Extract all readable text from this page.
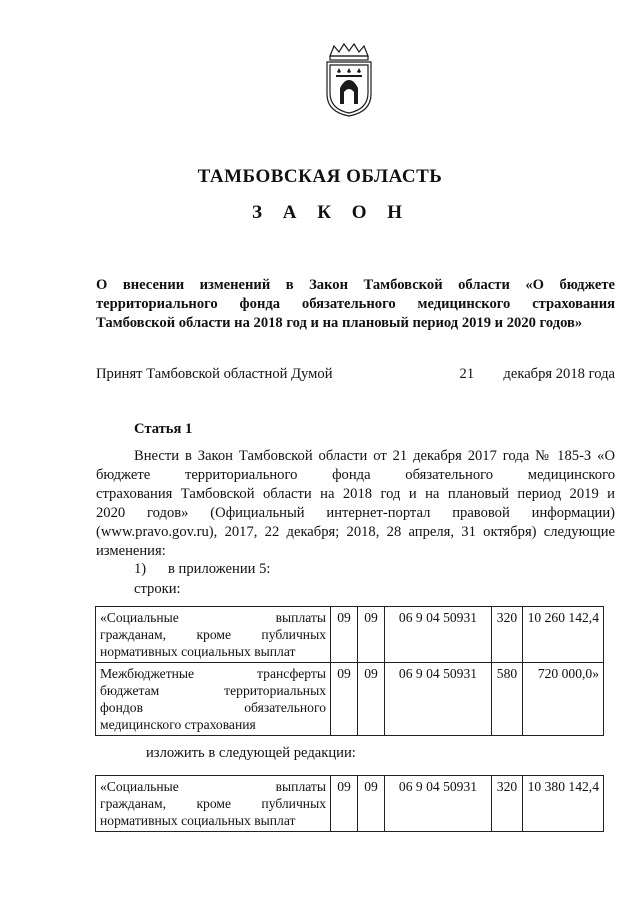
ТАМБОВСКАЯ ОБЛАСТЬ
З А К О Н

О внесении изменений в Закон Тамбовской области «О бюджете
территориального фонда обязательного медицинского страхования
Тамбовской области на 2018 год и на плановый период 2019 и 2020 годов»

Принят Тамбовской областной Думой	21 декабря 2018 года

Статья 1

Внести в Закон Тамбовской области от 21 декабря 2017 года № 185-З «О
бюджете территориального фонда обязательного медицинского
страхования Тамбовской области на 2018 год и на плановый период 2019 и
2020 годов» (Официальный интернет-портал правовой информации)
(www.pravo.gov.ru), 2017, 22 декабря; 2018, 28 апреля, 31 октября) следующие
изменения:

1) в приложении 5:

строки:

«Социальные выплаты
гражданам, кроме публичных
нормативных социальных выплат	09	09	06 9 04 50931	320	10 260 142,4

Межбюджетные трансферты
бюджетам территориальных
фондов обязательного
медицинского страхования	09	09	06 9 04 50931	580	720 000,0»

изложить в следующей редакции:

«Социальные выплаты
гражданам, кроме публичных
нормативных социальных выплат
	09	09	06 9 04 50931	320	10 380 142,4
